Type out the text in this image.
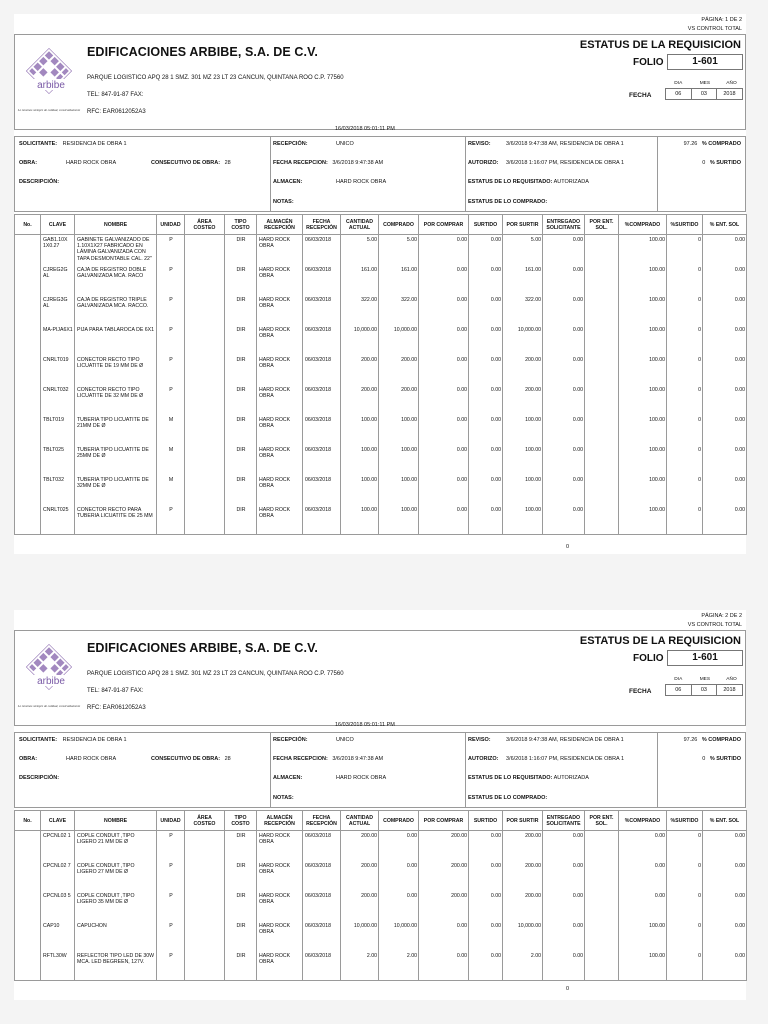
PÁGINA: 1 DE 2
VS CONTROL TOTAL
arbibe
Lo tenemos siempre de calidad, construidamente
EDIFICACIONES ARBIBE, S.A. DE C.V.
PARQUE LOGISTICO APQ 28 1 SMZ. 301 MZ 23 LT 23 CANCUN, QUINTANA ROO C.P. 77560
TEL: 847-91-87 FAX:
RFC: EAR0612052A3
16/03/2018 05:01:11 PM
ESTATUS DE LA REQUISICION
FOLIO	1-601
DIA	MES	AÑO
FECHA	06	03	2018
SOLICITANTE: RESIDENCIA DE OBRA 1
OBRA:	HARD ROCK OBRA	CONSECUTIVO DE OBRA: 28
DESCRIPCIÓN:
RECEPCIÓN:	UNICO
FECHA RECEPCION: 3/6/2018 9:47:38 AM
ALMACEN:	HARD ROCK OBRA
NOTAS:
REVISO:	3/6/2018 9:47:38 AM, RESIDENCIA DE OBRA 1
AUTORIZO: 3/6/2018 1:16:07 PM, RESIDENCIA DE OBRA 1
ESTATUS DE LO REQUISITADO: AUTORIZADA
ESTATUS DE LO COMPRADO:
97.26 % COMPRADO
0 % SURTIDO
No.	CLAVE	NOMBRE	UNIDAD	ÁREA COSTEO	TIPO COSTO	ALMACÉN RECEPCIÓN	FECHA RECEPCIÓN	CANTIDAD ACTUAL	COMPRADO	POR COMPRAR	SURTIDO	POR SURTIR	ENTREGADO SOLICITANTE	POR ENT. SOL.	%COMPRADO	%SURTIDO	% ENT. SOL
	GAB1.10X 1X0.27	GABINETE GALVANIZADO DE 1.10X1X27 FABRICADO EN LÁMINA GALVANIZADA CON TAPA DESMONTABLE CAL. 22"	P		DIR	HARD ROCK OBRA	06/03/2018	5.00	5.00	0.00	0.00	5.00	0.00		100.00	0	0.00
	CJREG2G AL	CAJA DE REGISTRO DOBLE GALVANIZADA MCA. RACO	P		DIR	HARD ROCK OBRA	06/03/2018	161.00	161.00	0.00	0.00	161.00	0.00		100.00	0	0.00
	CJREG3G AL	CAJA DE REGISTRO TRIPLE GALVANIZADA MCA. RACCO.	P		DIR	HARD ROCK OBRA	06/03/2018	322.00	322.00	0.00	0.00	322.00	0.00		100.00	0	0.00
	MA-PIJA6X1	PIJA PARA TABLAROCA DE 6X1	P		DIR	HARD ROCK OBRA	06/03/2018	10,000.00	10,000.00	0.00	0.00	10,000.00	0.00		100.00	0	0.00
	CNRLT019	CONECTOR RECTO TIPO LICUATITE DE 19 MM DE Ø	P		DIR	HARD ROCK OBRA	06/03/2018	200.00	200.00	0.00	0.00	200.00	0.00		100.00	0	0.00
	CNRLT032	CONECTOR RECTO TIPO LICUATITE DE 32 MM DE Ø	P		DIR	HARD ROCK OBRA	06/03/2018	200.00	200.00	0.00	0.00	200.00	0.00		100.00	0	0.00
	TBLT019	TUBERIA TIPO LICUATITE DE 21MM DE Ø	M		DIR	HARD ROCK OBRA	06/03/2018	100.00	100.00	0.00	0.00	100.00	0.00		100.00	0	0.00
	TBLT025	TUBERIA TIPO LICUATITE DE 25MM DE Ø	M		DIR	HARD ROCK OBRA	06/03/2018	100.00	100.00	0.00	0.00	100.00	0.00		100.00	0	0.00
	TBLT032	TUBERIA TIPO LICUATITE DE 32MM DE Ø	M		DIR	HARD ROCK OBRA	06/03/2018	100.00	100.00	0.00	0.00	100.00	0.00		100.00	0	0.00
	CNRLT025	CONECTOR RECTO PARA TUBERIA LICUATITE DE 25 MM	P		DIR	HARD ROCK OBRA	06/03/2018	100.00	100.00	0.00	0.00	100.00	0.00		100.00	0	0.00
0
PÁGINA: 2 DE 2
VS CONTROL TOTAL
arbibe
Lo tenemos siempre de calidad, construidamente
EDIFICACIONES ARBIBE, S.A. DE C.V.
PARQUE LOGISTICO APQ 28 1 SMZ. 301 MZ 23 LT 23 CANCUN, QUINTANA ROO C.P. 77560
TEL: 847-91-87 FAX:
RFC: EAR0612052A3
16/03/2018 05:01:11 PM
ESTATUS DE LA REQUISICION
FOLIO	1-601
DIA	MES	AÑO
FECHA	06	03	2018
SOLICITANTE: RESIDENCIA DE OBRA 1
OBRA:	HARD ROCK OBRA	CONSECUTIVO DE OBRA: 28
DESCRIPCIÓN:
RECEPCIÓN:	UNICO
FECHA RECEPCION: 3/6/2018 9:47:38 AM
ALMACEN:	HARD ROCK OBRA
NOTAS:
REVISO:	3/6/2018 9:47:38 AM, RESIDENCIA DE OBRA 1
AUTORIZO: 3/6/2018 1:16:07 PM, RESIDENCIA DE OBRA 1
ESTATUS DE LO REQUISITADO: AUTORIZADA
ESTATUS DE LO COMPRADO:
97.26 % COMPRADO
0 % SURTIDO
No.	CLAVE	NOMBRE	UNIDAD	ÁREA COSTEO	TIPO COSTO	ALMACÉN RECEPCIÓN	FECHA RECEPCIÓN	CANTIDAD ACTUAL	COMPRADO	POR COMPRAR	SURTIDO	POR SURTIR	ENTREGADO SOLICITANTE	POR ENT. SOL.	%COMPRADO	%SURTIDO	% ENT. SOL
	CPCNL02 1	COPLE CONDUIT ,TIPO LIGERO 21 MM DE Ø	P		DIR	HARD ROCK OBRA	06/03/2018	200.00	0.00	200.00	0.00	200.00	0.00		0.00	0	0.00
	CPCNL02 7	COPLE CONDUIT ,TIPO LIGERO 27 MM DE Ø	P		DIR	HARD ROCK OBRA	06/03/2018	200.00	0.00	200.00	0.00	200.00	0.00		0.00	0	0.00
	CPCNL03 5	COPLE CONDUIT ,TIPO LIGERO 35 MM DE Ø	P		DIR	HARD ROCK OBRA	06/03/2018	200.00	0.00	200.00	0.00	200.00	0.00		0.00	0	0.00
	CAP10	CAPUCHON	P		DIR	HARD ROCK OBRA	06/03/2018	10,000.00	10,000.00	0.00	0.00	10,000.00	0.00		100.00	0	0.00
	RFTL30W	REFLECTOR TIPO LED DE 30W MCA. LED BEGREEN, 127V.	P		DIR	HARD ROCK OBRA	06/03/2018	2.00	2.00	0.00	0.00	2.00	0.00		100.00	0	0.00
0
